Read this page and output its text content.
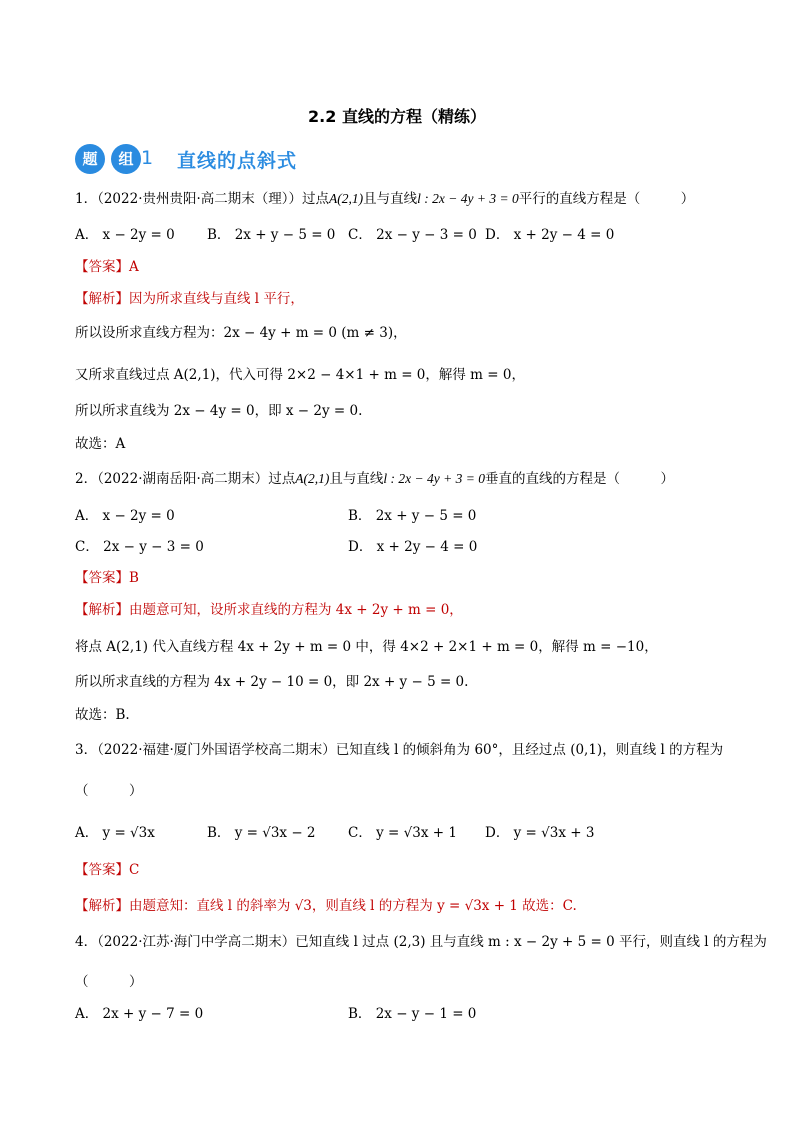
2.2 直线的方程（精练）
题	组 1 直线的点斜式
1．（2022·贵州贵阳·高二期末（理））过点A(2,1)且与直线l : 2x − 4y + 3 = 0平行的直线方程是（　　　）
A． x − 2y = 0 B． 2x + y − 5 = 0 C． 2x − y − 3 = 0 D． x + 2y − 4 = 0
【答案】A
【解析】因为所求直线与直线 l 平行，
所以设所求直线方程为：2x − 4y + m = 0 (m ≠ 3)，
又所求直线过点 A(2,1)，代入可得 2×2 − 4×1 + m = 0，解得 m = 0，
所以所求直线为 2x − 4y = 0，即 x − 2y = 0.
故选：A
2．（2022·湖南岳阳·高二期末）过点A(2,1)且与直线l : 2x − 4y + 3 = 0垂直的直线的方程是（　　　）
A． x − 2y = 0	B． 2x + y − 5 = 0
C． 2x − y − 3 = 0	D． x + 2y − 4 = 0
【答案】B
【解析】由题意可知，设所求直线的方程为 4x + 2y + m = 0，
将点 A(2,1) 代入直线方程 4x + 2y + m = 0 中，得 4×2 + 2×1 + m = 0，解得 m = −10，
所以所求直线的方程为 4x + 2y − 10 = 0，即 2x + y − 5 = 0.
故选：B.
3．（2022·福建·厦门外国语学校高二期末）已知直线 l 的倾斜角为 60°，且经过点 (0,1)，则直线 l 的方程为
（　　　）
A． y = √3x	B． y = √3x − 2 C． y = √3x + 1 D． y = √3x + 3
【答案】C
【解析】由题意知：直线 l 的斜率为 √3，则直线 l 的方程为 y = √3x + 1 故选：C.
4．（2022·江苏·海门中学高二期末）已知直线 l 过点 (2,3) 且与直线 m : x − 2y + 5 = 0 平行，则直线 l 的方程为
（　　　）
A． 2x + y − 7 = 0	B． 2x − y − 1 = 0
